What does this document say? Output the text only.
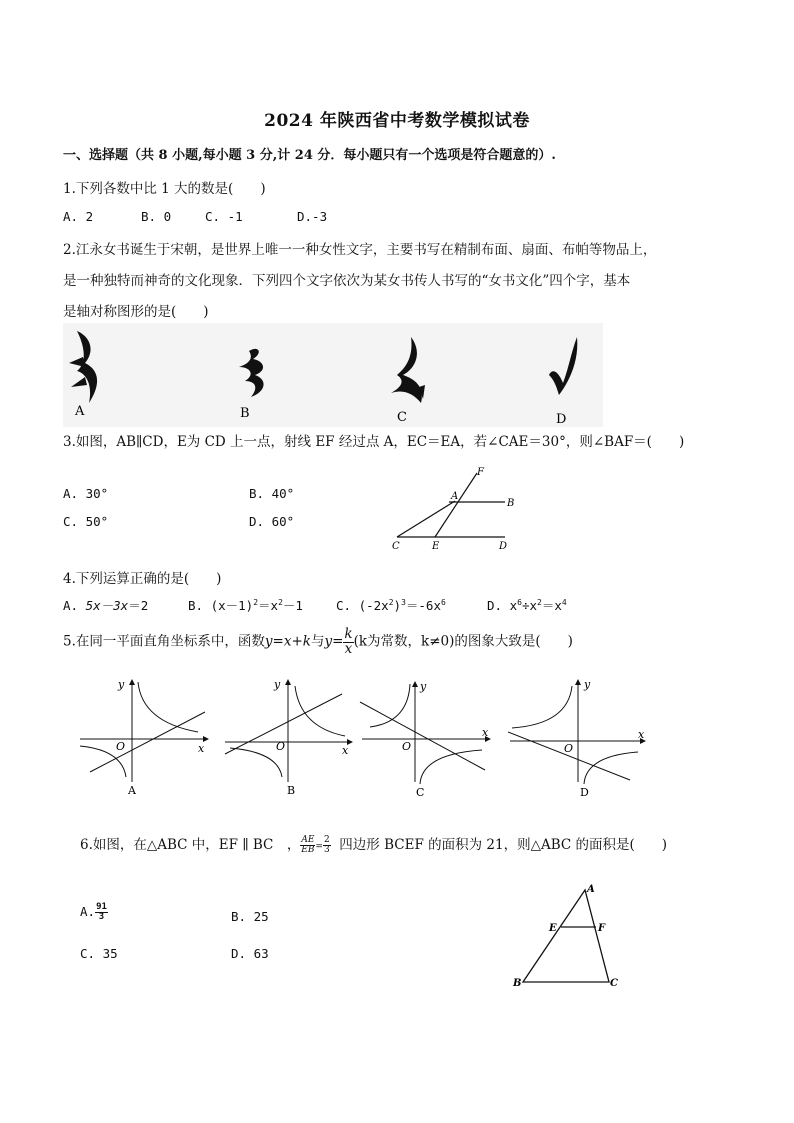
2024 年陕西省中考数学模拟试卷
一、选择题（共 8 小题,每小题 3 分,计 24 分．每小题只有一个选项是符合题意的）.
1.下列各数中比 1 大的数是(　　)
A. 2	B. 0	C. -1	D.-3
2.江永女书诞生于宋朝，是世界上唯一一种女性文字，主要书写在精制布面、扇面、布帕等物品上，
是一种独特而神奇的文化现象．下列四个文字依次为某女书传人书写的“女书文化”四个字，基本
是轴对称图形的是(　　)
A	B	C	D
3.如图，AB∥CD，E为 CD 上一点，射线 EF 经过点 A，EC＝EA，若∠CAE＝30°，则∠BAF＝(　　)
A. 30°	B. 40°
C. 50°	D. 60°
F
A
B
C	E	D
4.下列运算正确的是(　　)
A. 5x－3x＝2	B. $(x-1)^2=x^2-1$	C. $(-2x^2)^3=-6x^6$	D. $x^6\div x^2=x^4$
5.在同一平面直角坐标系中，函数y=x+k与$y= \frac{k}{x} (k$为常数，k≠0)的图象大致是(　　)
O	x
y
A
O	x
y
B
O
x
y
C
O
x
y
D
6.如图，在△ABC 中，EF ∥ BC　， $\frac{AE}{EB} = \frac{2}{3}$ 四边形 BCEF 的面积为 21，则△ABC 的面积是(　　)
A. $\frac{91}{3}$	B. 25
C. 35	D. 63
A
E	F
B	C
